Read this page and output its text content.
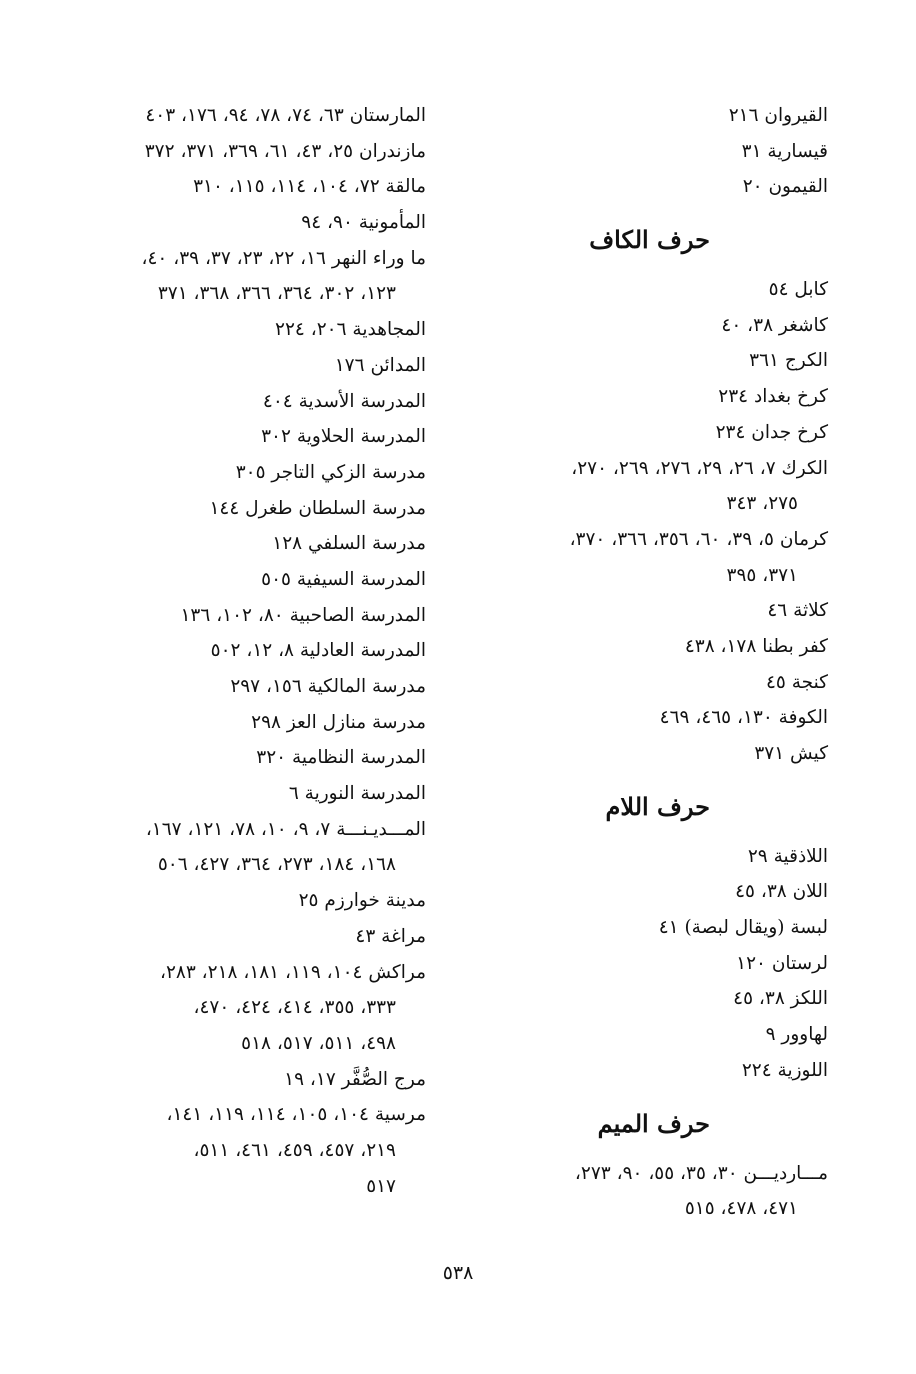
القيروان ٢١٦
قيسارية ٣١
القيمون ٢٠
حرف الكاف
كابل ٥٤
كاشغر ٣٨، ٤٠
الكرج ٣٦١
كرخ بغداد ٢٣٤
كرخ جدان ٢٣٤
الكرك ٧، ٢٦، ٢٩، ٢٧٦، ٢٦٩، ٢٧٠،
٢٧٥، ٣٤٣
كرمان ٥، ٣٩، ٦٠، ٣٥٦، ٣٦٦، ٣٧٠،
٣٧١، ٣٩٥
كلاثة ٤٦
كفر بطنا ١٧٨، ٤٣٨
كنجة ٤٥
الكوفة ١٣٠، ٤٦٥، ٤٦٩
كيش ٣٧١
حرف اللام
اللاذقية ٢٩
اللان ٣٨، ٤٥
لبسة (ويقال لبصة) ٤١
لرستان ١٢٠
اللكز ٣٨، ٤٥
لهاوور ٩
اللوزية ٢٢٤
حرف الميم
مـــارديـــن ٣٠، ٣٥، ٥٥، ٩٠، ٢٧٣،
٤٧١، ٤٧٨، ٥١٥
المارستان ٦٣، ٧٤، ٧٨، ٩٤، ١٧٦، ٤٠٣
مازندران ٢٥، ٤٣، ٦١، ٣٦٩، ٣٧١، ٣٧٢
مالقة ٧٢، ١٠٤، ١١٤، ١١٥، ٣١٠
المأمونية ٩٠، ٩٤
ما وراء النهر ١٦، ٢٢، ٢٣، ٣٧، ٣٩، ٤٠،
١٢٣، ٣٠٢، ٣٦٤، ٣٦٦، ٣٦٨، ٣٧١
المجاهدية ٢٠٦، ٢٢٤
المدائن ١٧٦
المدرسة الأسدية ٤٠٤
المدرسة الحلاوية ٣٠٢
مدرسة الزكي التاجر ٣٠٥
مدرسة السلطان طغرل ١٤٤
مدرسة السلفي ١٢٨
المدرسة السيفية ٥٠٥
المدرسة الصاحبية ٨٠، ١٠٢، ١٣٦
المدرسة العادلية ٨، ١٢، ٥٠٢
مدرسة المالكية ١٥٦، ٢٩٧
مدرسة منازل العز ٢٩٨
المدرسة النظامية ٣٢٠
المدرسة النورية ٦
المـــديـنـــة ٧، ٩، ١٠، ٧٨، ١٢١، ١٦٧،
١٦٨، ١٨٤، ٢٧٣، ٣٦٤، ٤٢٧، ٥٠٦
مدينة خوارزم ٢٥
مراغة ٤٣
مراكش ١٠٤، ١١٩، ١٨١، ٢١٨، ٢٨٣،
٣٣٣، ٣٥٥، ٤١٤، ٤٢٤، ٤٧٠،
٤٩٨، ٥١١، ٥١٧، ٥١٨
مرج الصُّفَّر ١٧، ١٩
مرسية ١٠٤، ١٠٥، ١١٤، ١١٩، ١٤١،
٢١٩، ٤٥٧، ٤٥٩، ٤٦١، ٥١١،
٥١٧
٥٣٨
